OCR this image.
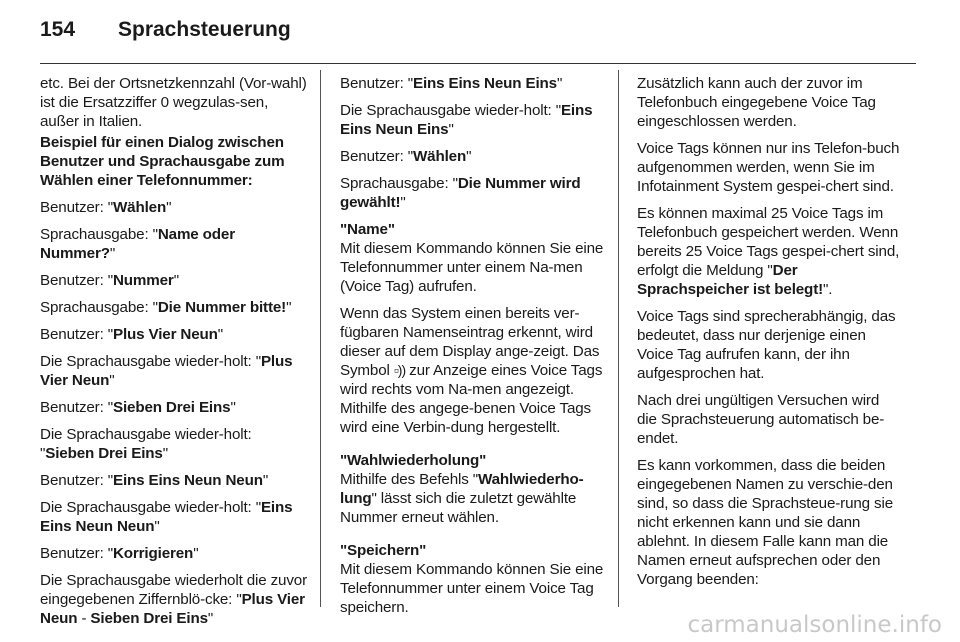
154 Sprachsteuerung

etc. Bei der Ortsnetzkennzahl (Vor-wahl) ist die Ersatzziffer 0 wegzulas-sen, außer in Italien.

Beispiel für einen Dialog zwischen Benutzer und Sprachausgabe zum Wählen einer Telefonnummer:

Benutzer: "Wählen"

Sprachausgabe: "Name oder Nummer?"

Benutzer: "Nummer"

Sprachausgabe: "Die Nummer bitte!"

Benutzer: "Plus Vier Neun"

Die Sprachausgabe wieder-holt: "Plus Vier Neun"

Benutzer: "Sieben Drei Eins"

Die Sprachausgabe wieder-holt: "Sieben Drei Eins"

Benutzer: "Eins Eins Neun Neun"

Die Sprachausgabe wieder-holt: "Eins Eins Neun Neun"

Benutzer: "Korrigieren"

Die Sprachausgabe wiederholt die zuvor eingegebenen Ziffernblö-cke: "Plus Vier Neun - Sieben Drei Eins"

Benutzer: "Eins Eins Neun Eins"

Die Sprachausgabe wieder-holt: "Eins Eins Neun Eins"

Benutzer: "Wählen"

Sprachausgabe: "Die Nummer wird gewählt!"

"Name"
Mit diesem Kommando können Sie eine Telefonnummer unter einem Na-men (Voice Tag) aufrufen.

Wenn das System einen bereits ver-fügbaren Namenseintrag erkennt, wird dieser auf dem Display ange-zeigt. Das Symbol ▫)) zur Anzeige eines Voice Tags wird rechts vom Na-men angezeigt. Mithilfe des angege-benen Voice Tags wird eine Verbin-dung hergestellt.

"Wahlwiederholung"
Mithilfe des Befehls "Wahlwiederho-lung" lässt sich die zuletzt gewählte Nummer erneut wählen.

"Speichern"
Mit diesem Kommando können Sie eine Telefonnummer unter einem Voice Tag speichern.

Zusätzlich kann auch der zuvor im Telefonbuch eingegebene Voice Tag eingeschlossen werden.

Voice Tags können nur ins Telefon-buch aufgenommen werden, wenn Sie im Infotainment System gespei-chert sind.

Es können maximal 25 Voice Tags im Telefonbuch gespeichert werden. Wenn bereits 25 Voice Tags gespei-chert sind, erfolgt die Meldung "Der Sprachspeicher ist belegt!".

Voice Tags sind sprecherabhängig, das bedeutet, dass nur derjenige einen Voice Tag aufrufen kann, der ihn aufgesprochen hat.

Nach drei ungültigen Versuchen wird die Sprachsteuerung automatisch be-endet.

Es kann vorkommen, dass die beiden eingegebenen Namen zu verschie-den sind, so dass die Sprachsteue-rung sie nicht erkennen kann und sie dann ablehnt. In diesem Falle kann man die Namen erneut aufsprechen oder den Vorgang beenden:

carmanualsonline.info
